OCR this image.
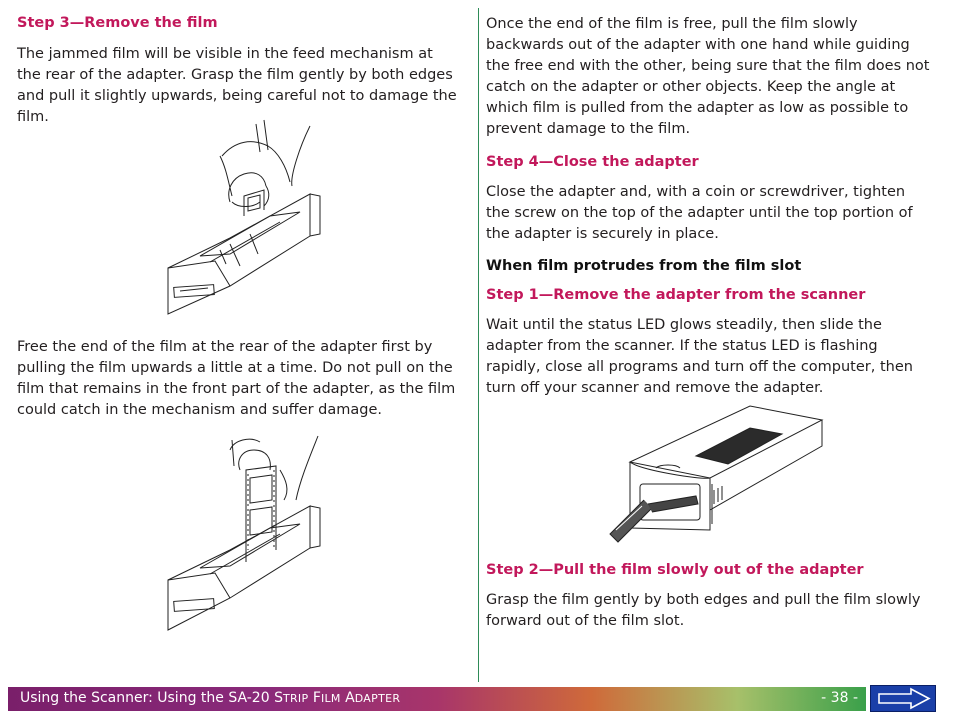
Step 3—Remove the film

The jammed film will be visible in the feed mechanism at the rear of the adapter. Grasp the film gently by both edges and pull it slightly upwards, being careful not to damage the film.

Free the end of the film at the rear of the adapter first by pulling the film upwards a little at a time. Do not pull on the film that remains in the front part of the adapter, as the film could catch in the mechanism and suffer damage.

Once the end of the film is free, pull the film slowly backwards out of the adapter with one hand while guiding the free end with the other, being sure that the film does not catch on the adapter or other objects. Keep the angle at which film is pulled from the adapter as low as possible to prevent damage to the film.

Step 4—Close the adapter

Close the adapter and, with a coin or screwdriver, tighten the screw on the top of the adapter until the top portion of the adapter is securely in place.

When film protrudes from the film slot
Step 1—Remove the adapter from the scanner

Wait until the status LED glows steadily, then slide the adapter from the scanner. If the status LED is flashing rapidly, close all programs and turn off the computer, then turn off your scanner and remove the adapter.

Step 2—Pull the film slowly out of the adapter

Grasp the film gently by both edges and pull the film slowly forward out of the film slot.

Using the Scanner: Using the SA-20 STRIP FILM ADAPTER	- 38 -
